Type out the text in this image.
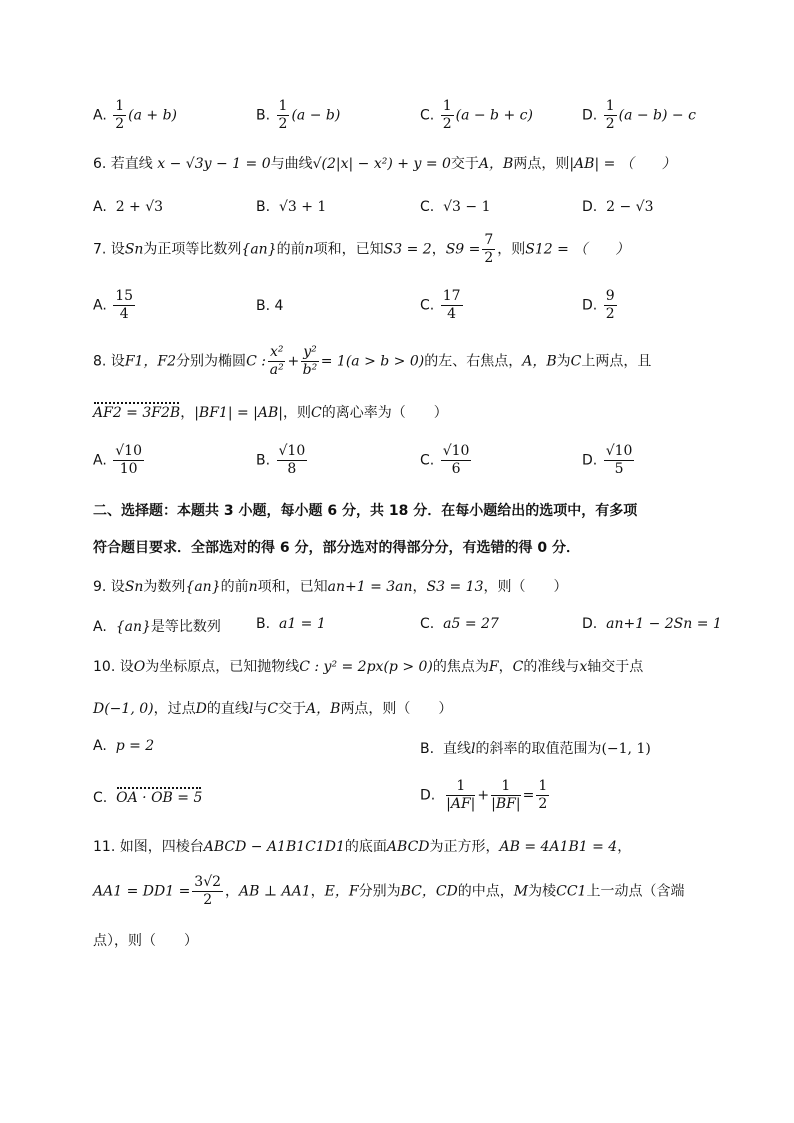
A. $\frac{1}{2} (a + b)$	B. $\frac{1}{2} (a - b)$	C. $\frac{1}{2} (a - b + c)$	D. $\frac{1}{2} (a - b) - c$
6. 若直线 x − √3y − 1 = 0与曲线√(2|x| − x²) + y = 0交于A，B两点，则|AB| = （　　）
A. 2 + √3	B. √3 + 1	C. √3 − 1	D. 2 − √3
7. 设Sn为正项等比数列{an}的前n项和，已知S3 = 2，$S9 = \frac{7}{2}$ ，则S12 = （　　）
A. $\frac{15}{4}$	B. 4	C. $\frac{17}{4}$	D. $\frac{9}{2}$
8. 设F1，F2分别为椭圆C : $\frac{\text{x²}}{\text{a²}} + \frac{\text{y²}}{\text{b²}} = 1(a > b > 0)$的左、右焦点，A，B为C上两点，且
AF2 = 3F2B，|BF1| = |AB|，则C的离心率为（　　）
A. $\frac{√10}{10}$	B. $\frac{√10}{8}$	C. $\frac{√10}{6}$	D. $\frac{√10}{5}$
二、选择题：本题共 3 小题，每小题 6 分，共 18 分．在每小题给出的选项中，有多项
符合题目要求．全部选对的得 6 分，部分选对的得部分分，有选错的得 0 分．
9. 设Sn为数列{an}的前n项和，已知an+1 = 3an，S3 = 13，则（　　）
A. {an}是等比数列	B. a1 = 1	C. a5 = 27	D. an+1 − 2Sn = 1
10. 设O为坐标原点，已知抛物线C : y² = 2px(p > 0)的焦点为F，C的准线与x轴交于点
D(−1, 0)，过点D的直线l与C交于A，B两点，则（　　）
A. p = 2	B. 直线l的斜率的取值范围为(−1, 1)
C. OA · OB = 5	D. $\frac{1}{|AF|} + \frac{1}{|BF|} = \frac{1}{2}$
11. 如图，四棱台ABCD − A1B1C1D1的底面ABCD为正方形，AB = 4A1B1 = 4，
$AA1 = DD1 = \frac{3√2}{2}$ ，AB ⊥ AA1，E，F分别为BC，CD的中点，M为棱CC1上一动点（含端
点），则（　　）
